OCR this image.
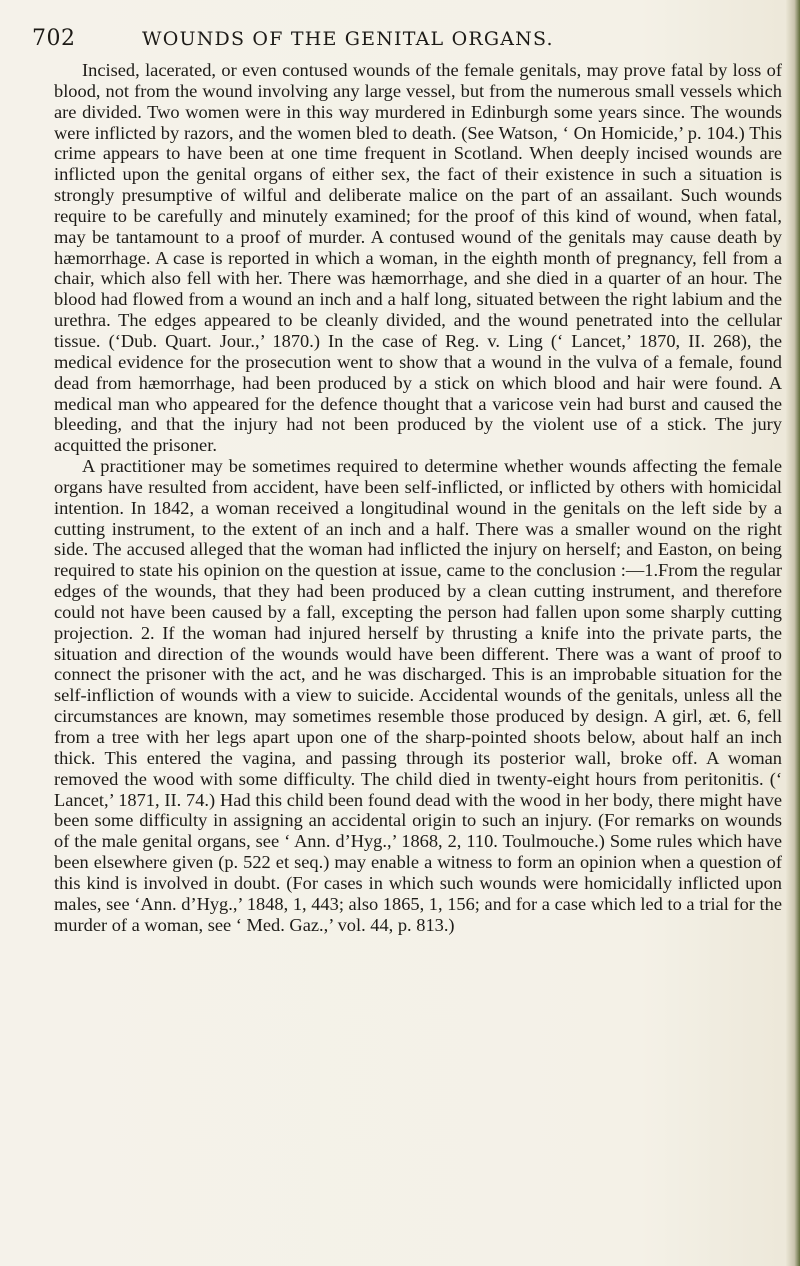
702	WOUNDS OF THE GENITAL ORGANS.

Incised, lacerated, or even contused wounds of the female genitals, may prove fatal by loss of blood, not from the wound involving any large vessel, but from the numerous small vessels which are divided. Two women were in this way murdered in Edinburgh some years since. The wounds were inflicted by razors, and the women bled to death. (See Watson, ‘ On Homicide,’ p. 104.) This crime appears to have been at one time frequent in Scotland. When deeply incised wounds are inflicted upon the genital organs of either sex, the fact of their existence in such a situation is strongly presumptive of wilful and deliberate malice on the part of an assailant. Such wounds require to be carefully and minutely examined; for the proof of this kind of wound, when fatal, may be tantamount to a proof of murder. A contused wound of the genitals may cause death by hæmorrhage. A case is reported in which a woman, in the eighth month of pregnancy, fell from a chair, which also fell with her. There was hæmorrhage, and she died in a quarter of an hour. The blood had flowed from a wound an inch and a half long, situated between the right labium and the urethra. The edges appeared to be cleanly divided, and the wound penetrated into the cellular tissue. (‘Dub. Quart. Jour.,’ 1870.) In the case of Reg. v. Ling (‘ Lancet,’ 1870, II. 268), the medical evidence for the prosecution went to show that a wound in the vulva of a female, found dead from hæmorrhage, had been produced by a stick on which blood and hair were found. A medical man who appeared for the defence thought that a varicose vein had burst and caused the bleeding, and that the injury had not been produced by the violent use of a stick. The jury acquitted the prisoner.

A practitioner may be sometimes required to determine whether wounds affecting the female organs have resulted from accident, have been self-inflicted, or inflicted by others with homicidal intention. In 1842, a woman received a longitudinal wound in the genitals on the left side by a cutting instrument, to the extent of an inch and a half. There was a smaller wound on the right side. The accused alleged that the woman had inflicted the injury on herself; and Easton, on being required to state his opinion on the question at issue, came to the conclusion :—1.From the regular edges of the wounds, that they had been produced by a clean cutting instrument, and therefore could not have been caused by a fall, excepting the person had fallen upon some sharply cutting projection. 2. If the woman had injured herself by thrusting a knife into the private parts, the situation and direction of the wounds would have been different. There was a want of proof to connect the prisoner with the act, and he was discharged. This is an improbable situation for the self-infliction of wounds with a view to suicide. Accidental wounds of the genitals, unless all the circumstances are known, may sometimes resemble those produced by design. A girl, æt. 6, fell from a tree with her legs apart upon one of the sharp-pointed shoots below, about half an inch thick. This entered the vagina, and passing through its posterior wall, broke off. A woman removed the wood with some difficulty. The child died in twenty-eight hours from peritonitis. (‘ Lancet,’ 1871, II. 74.) Had this child been found dead with the wood in her body, there might have been some difficulty in assigning an accidental origin to such an injury. (For remarks on wounds of the male genital organs, see ‘ Ann. d’Hyg.,’ 1868, 2, 110. Toulmouche.) Some rules which have been elsewhere given (p. 522 et seq.) may enable a witness to form an opinion when a question of this kind is involved in doubt. (For cases in which such wounds were homicidally inflicted upon males, see ‘Ann. d’Hyg.,’ 1848, 1, 443; also 1865, 1, 156; and for a case which led to a trial for the murder of a woman, see ‘ Med. Gaz.,’ vol. 44, p. 813.)
